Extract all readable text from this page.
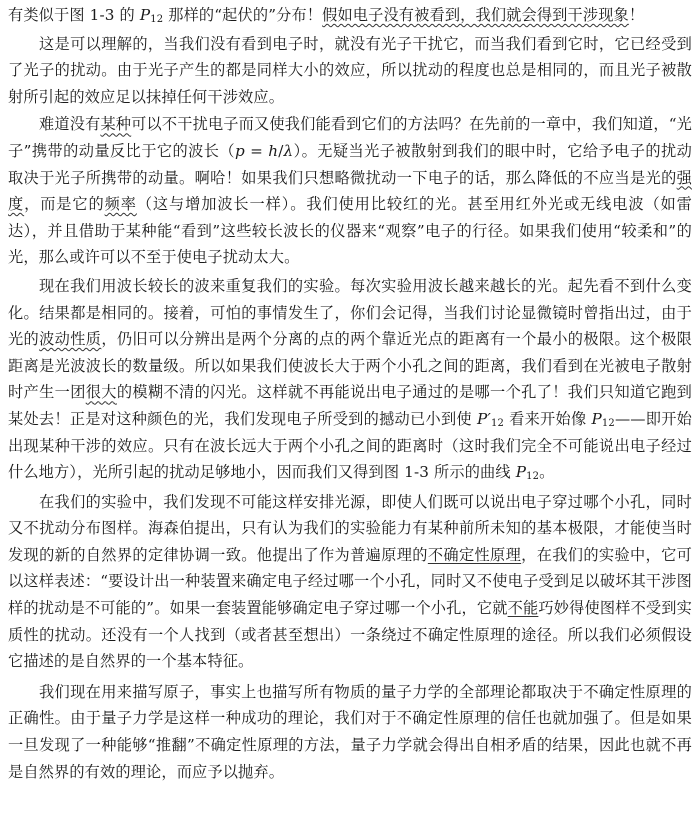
有类似于图 1-3 的 $P_{12}$ 那样的“起伏的”分布！假如电子没有被看到，我们就会得到干涉现象！

这是可以理解的，当我们没有看到电子时，就没有光子干扰它，而当我们看到它时，它已经受到了光子的扰动。由于光子产生的都是同样大小的效应，所以扰动的程度也总是相同的，而且光子被散射所引起的效应足以抹掉任何干涉效应。

难道没有某种可以不干扰电子而又使我们能看到它们的方法吗？在先前的一章中，我们知道，“光子”携带的动量反比于它的波长（p = h/λ）。无疑当光子被散射到我们的眼中时，它给予电子的扰动取决于光子所携带的动量。啊哈！如果我们只想略微扰动一下电子的话，那么降低的不应当是光的强度，而是它的频率（这与增加波长一样）。我们使用比较红的光。甚至用红外光或无线电波（如雷达），并且借助于某种能“看到”这些较长波长的仪器来“观察”电子的行径。如果我们使用“较柔和”的光，那么或许可以不至于使电子扰动太大。

现在我们用波长较长的波来重复我们的实验。每次实验用波长越来越长的光。起先看不到什么变化。结果都是相同的。接着，可怕的事情发生了，你们会记得，当我们讨论显微镜时曾指出过，由于光的波动性质，仍旧可以分辨出是两个分离的点的两个靠近光点的距离有一个最小的极限。这个极限距离是光波波长的数量级。所以如果我们使波长大于两个小孔之间的距离，我们看到在光被电子散射时产生一团很大的模糊不清的闪光。这样就不再能说出电子通过的是哪一个孔了！我们只知道它跑到某处去！正是对这种颜色的光，我们发现电子所受到的撼动已小到使 $P'_{12}$ 看来开始像 $P_{12}——$即开始出现某种干涉的效应。只有在波长远大于两个小孔之间的距离时（这时我们完全不可能说出电子经过什么地方），光所引起的扰动足够地小，因而我们又得到图 1-3 所示的曲线 $P_{12}$。

在我们的实验中，我们发现不可能这样安排光源，即使人们既可以说出电子穿过哪个小孔，同时又不扰动分布图样。海森伯提出，只有认为我们的实验能力有某种前所未知的基本极限，才能使当时发现的新的自然界的定律协调一致。他提出了作为普遍原理的不确定性原理，在我们的实验中，它可以这样表述：“要设计出一种装置来确定电子经过哪一个小孔，同时又不使电子受到足以破坏其干涉图样的扰动是不可能的”。如果一套装置能够确定电子穿过哪一个小孔，它就不能巧妙得使图样不受到实质性的扰动。还没有一个人找到（或者甚至想出）一条绕过不确定性原理的途径。所以我们必须假设它描述的是自然界的一个基本特征。

我们现在用来描写原子，事实上也描写所有物质的量子力学的全部理论都取决于不确定性原理的正确性。由于量子力学是这样一种成功的理论，我们对于不确定性原理的信任也就加强了。但是如果一旦发现了一种能够“推翻”不确定性原理的方法，量子力学就会得出自相矛盾的结果，因此也就不再是自然界的有效的理论，而应予以抛弃。
